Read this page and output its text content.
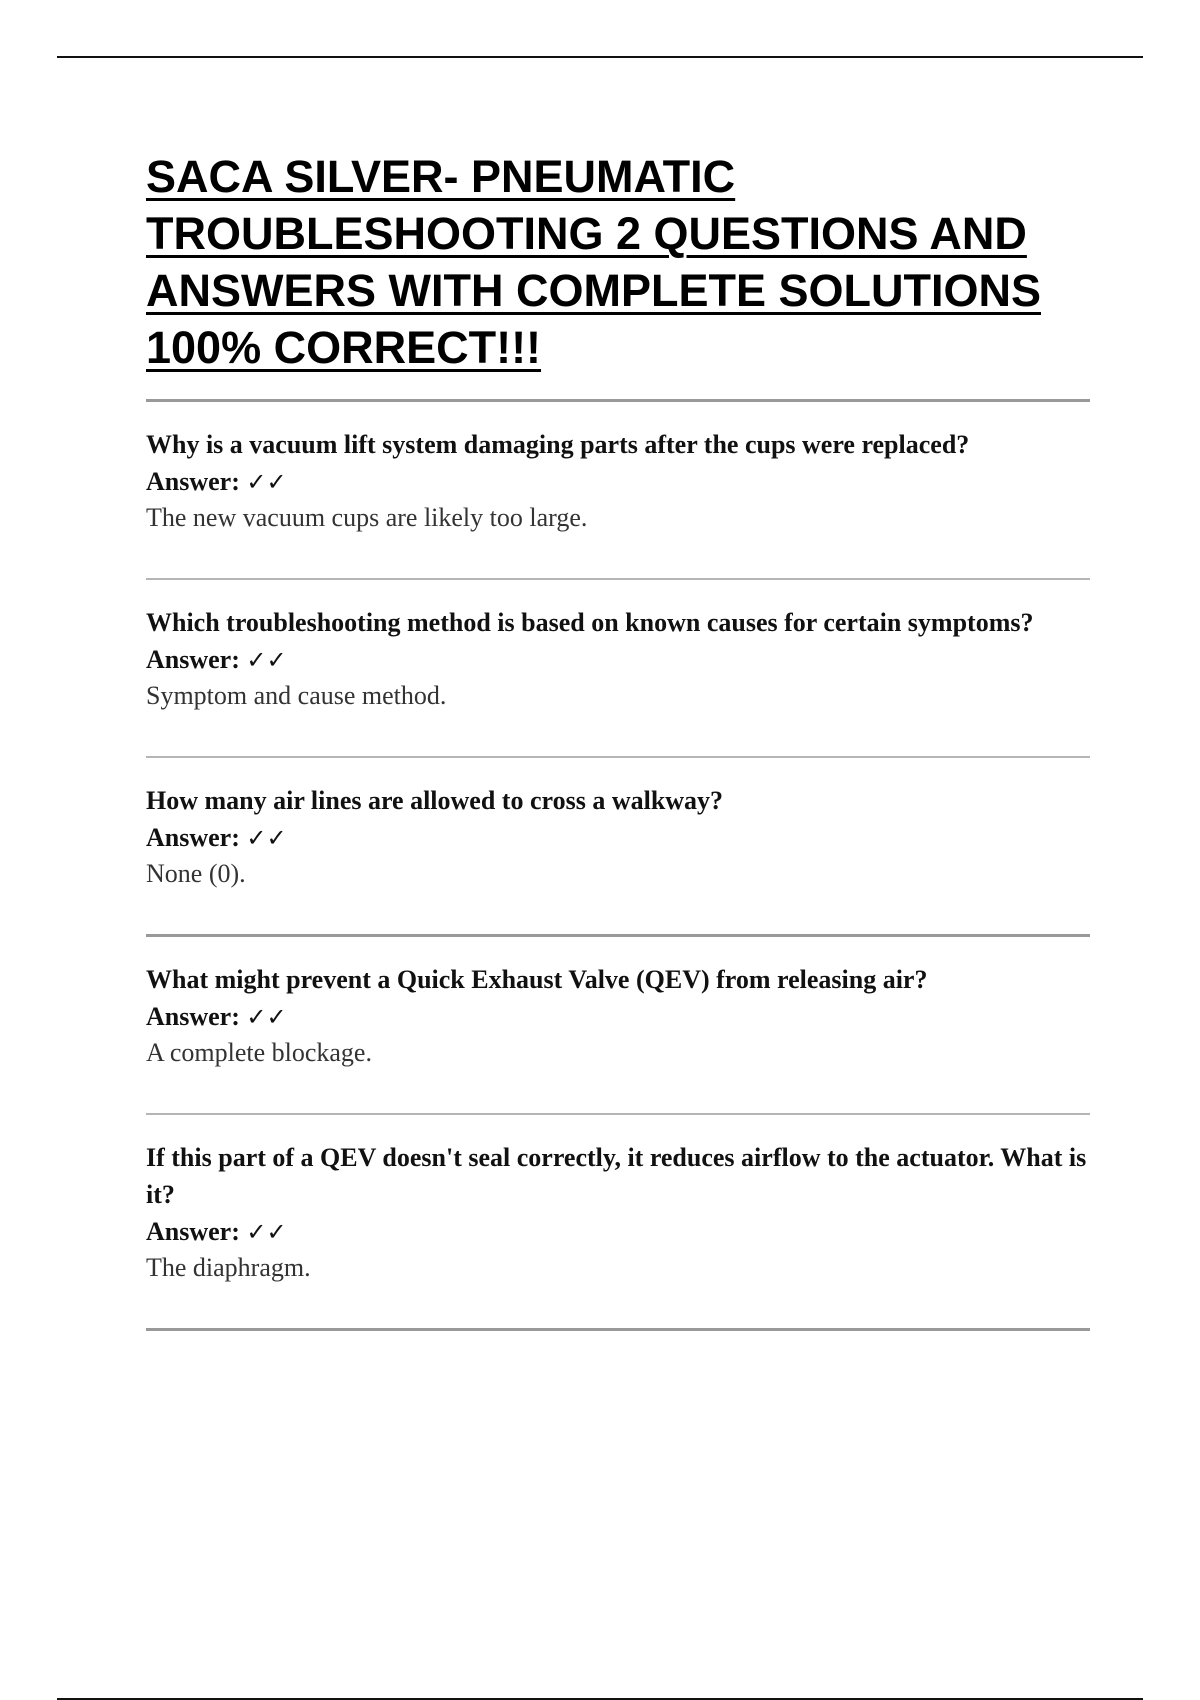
SACA SILVER- PNEUMATIC TROUBLESHOOTING 2 QUESTIONS AND ANSWERS WITH COMPLETE SOLUTIONS 100% CORRECT!!!

Why is a vacuum lift system damaging parts after the cups were replaced?

Answer: ✓✓

The new vacuum cups are likely too large.

Which troubleshooting method is based on known causes for certain symptoms?

Answer: ✓✓

Symptom and cause method.

How many air lines are allowed to cross a walkway?

Answer: ✓✓

None (0).

What might prevent a Quick Exhaust Valve (QEV) from releasing air?

Answer: ✓✓

A complete blockage.

If this part of a QEV doesn't seal correctly, it reduces airflow to the actuator. What is it?

Answer: ✓✓

The diaphragm.
